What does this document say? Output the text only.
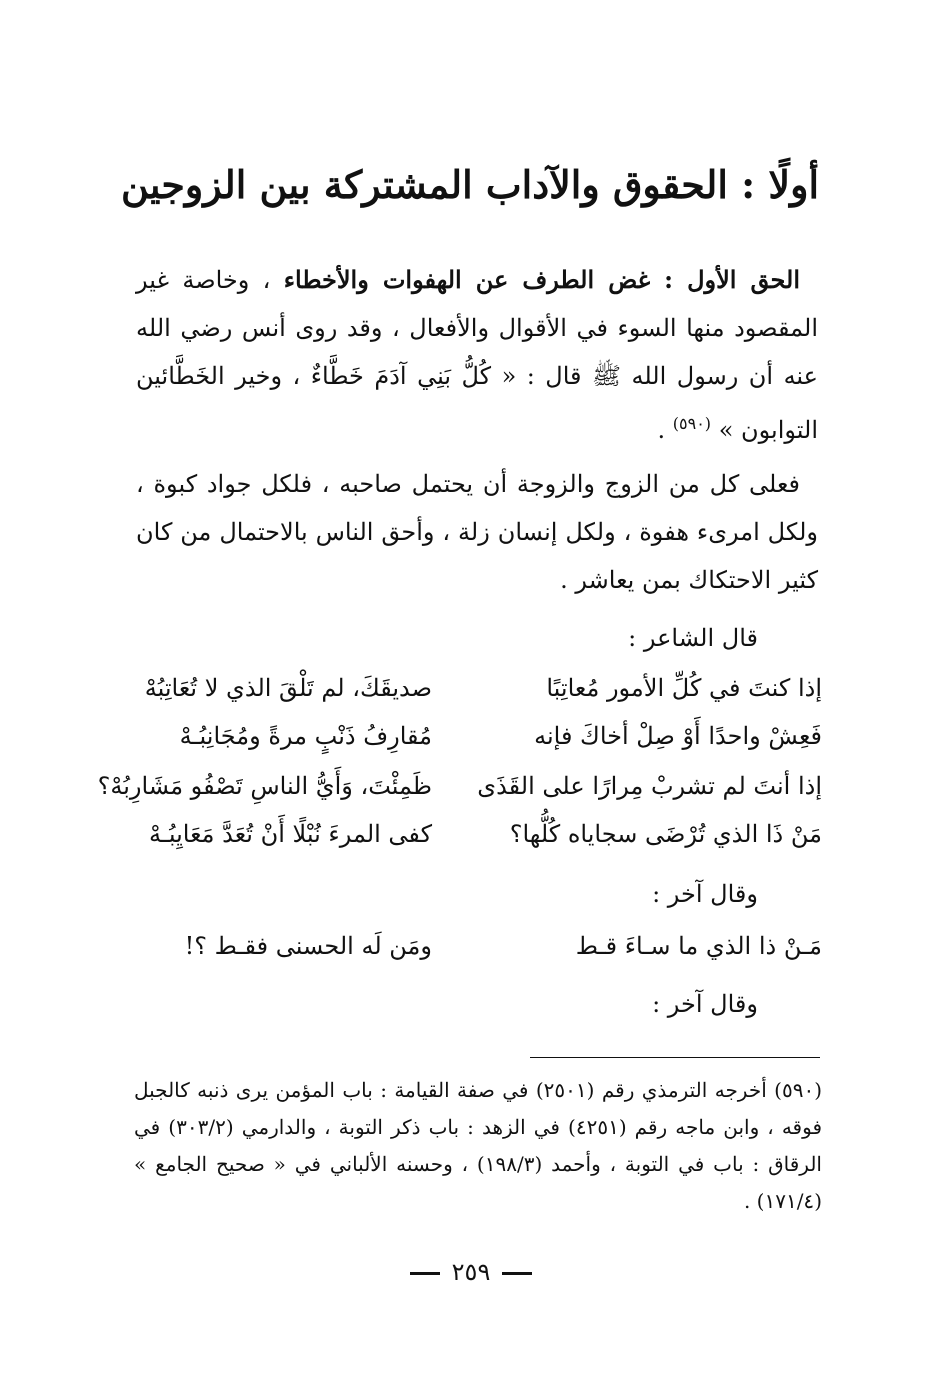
أولًا : الحقوق والآداب المشتركة بين الزوجين
الحق الأول : غض الطرف عن الهفوات والأخطاء ، وخاصة غير المقصود منها السوء في الأقوال والأفعال ، وقد روى أنس رضي الله عنه أن رسول الله ﷺ قال : « كُلُّ بَنِي آدَمَ خَطَّاءٌ ، وخير الخَطَّائين التوابون » $^{(٥٩٠)}$ .
فعلى كل من الزوج والزوجة أن يحتمل صاحبه ، فلكل جواد كبوة ، ولكل امرىء هفوة ، ولكل إنسان زلة ، وأحق الناس بالاحتمال من كان كثير الاحتكاك بمن يعاشر .
قال الشاعر :
إذا كنتَ في كُلِّ الأمور مُعاتِبًا
صديقَكَ، لم تَلْقَ الذي لا تُعَاتِبُهْ
فَعِشْ واحدًا أَوْ صِلْ أخاكَ فإنه
مُقارِفُ ذَنْبٍ مرةً ومُجَانِبُـهْ
إذا أنتَ لم تشربْ مِرارًا على القَذَى
ظَمِئْتَ، وَأَيُّ الناسِ تَصْفُو مَشَارِبُهْ؟
مَنْ ذَا الذي تُرْضَى سجاياه كُلُّها؟
كفى المرءَ نُبْلًا أَنْ تُعَدَّ مَعَايِبُـهْ
وقال آخر :
مَـنْ ذا الذي ما سـاءَ قـط
ومَن لَه الحسنى فقـط ؟!
وقال آخر :
(٥٩٠) أخرجه الترمذي رقم (٢٥٠١) في صفة القيامة : باب المؤمن يرى ذنبه كالجبل فوقه ، وابن ماجه رقم (٤٢٥١) في الزهد : باب ذكر التوبة ، والدارمي (٣٠٣/٢) في الرقاق : باب في التوبة ، وأحمد (١٩٨/٣) ، وحسنه الألباني في « صحيح الجامع » (١٧١/٤) .
٢٥٩
